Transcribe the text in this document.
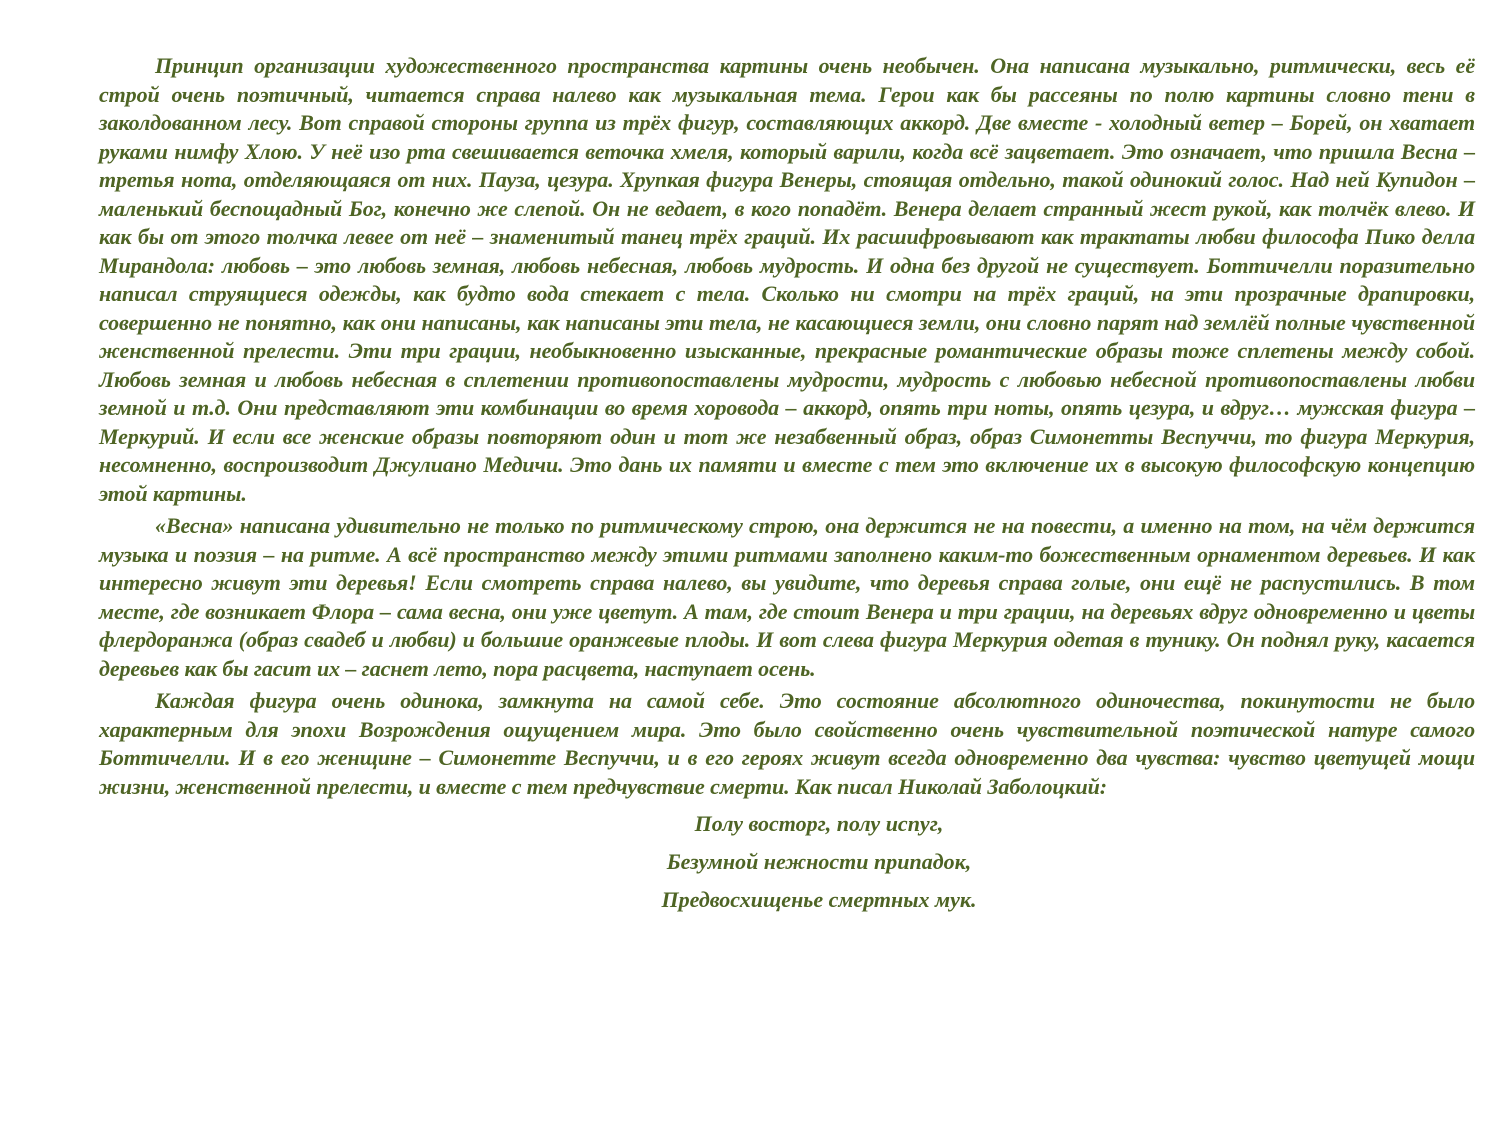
Принцип организации художественного пространства картины очень необычен. Она написана музыкально, ритмически, весь её строй очень поэтичный, читается справа налево как музыкальная тема. Герои как бы рассеяны по полю картины словно тени в заколдованном лесу. Вот справой стороны группа из трёх фигур, составляющих аккорд. Две вместе - холодный ветер – Борей, он хватает руками нимфу Хлою. У неё изо рта свешивается веточка хмеля, который варили, когда всё зацветает. Это означает, что пришла Весна – третья нота, отделяющаяся от них. Пауза, цезура. Хрупкая фигура Венеры, стоящая отдельно, такой одинокий голос. Над ней Купидон – маленький беспощадный Бог, конечно же слепой. Он не ведает, в кого попадёт. Венера делает странный жест рукой, как толчёк влево. И как бы от этого толчка левее от неё – знаменитый танец трёх граций. Их расшифровывают как трактаты любви философа Пико делла Мирандола: любовь – это любовь земная, любовь небесная, любовь мудрость. И одна без другой не существует. Боттичелли поразительно написал струящиеся одежды, как будто вода стекает с тела. Сколько ни смотри на трёх граций, на эти прозрачные драпировки, совершенно не понятно, как они написаны, как написаны эти тела, не касающиеся земли, они словно парят над землёй полные чувственной женственной прелести. Эти три грации, необыкновенно изысканные, прекрасные романтические образы тоже сплетены между собой. Любовь земная и любовь небесная в сплетении противопоставлены мудрости, мудрость с любовью небесной противопоставлены любви земной и т.д. Они представляют эти комбинации во время хоровода – аккорд, опять три ноты, опять цезура, и вдруг… мужская фигура – Меркурий. И если все женские образы повторяют один и тот же незабвенный образ, образ Симонетты Веспуччи, то фигура Меркурия, несомненно, воспроизводит Джулиано Медичи. Это дань их памяти и вместе с тем это включение их в высокую философскую концепцию этой картины.

«Весна» написана удивительно не только по ритмическому строю, она держится не на повести, а именно на том, на чём держится музыка и поэзия – на ритме. А всё пространство между этими ритмами заполнено каким-то божественным орнаментом деревьев. И как интересно живут эти деревья! Если смотреть справа налево, вы увидите, что деревья справа голые, они ещё не распустились. В том месте, где возникает Флора – сама весна, они уже цветут. А там, где стоит Венера и три грации, на деревьях вдруг одновременно и цветы флердоранжа (образ свадеб и любви) и большие оранжевые плоды. И вот слева фигура Меркурия одетая в тунику. Он поднял руку, касается деревьев как бы гасит их – гаснет лето, пора расцвета, наступает осень.

Каждая фигура очень одинока, замкнута на самой себе. Это состояние абсолютного одиночества, покинутости не было характерным для эпохи Возрождения ощущением мира. Это было свойственно очень чувствительной поэтической натуре самого Боттичелли. И в его женщине – Симонетте Веспуччи, и в его героях живут всегда одновременно два чувства: чувство цветущей мощи жизни, женственной прелести, и вместе с тем предчувствие смерти. Как писал Николай Заболоцкий:

Полу восторг, полу испуг,
Безумной нежности припадок,
Предвосхищенье смертных мук.
